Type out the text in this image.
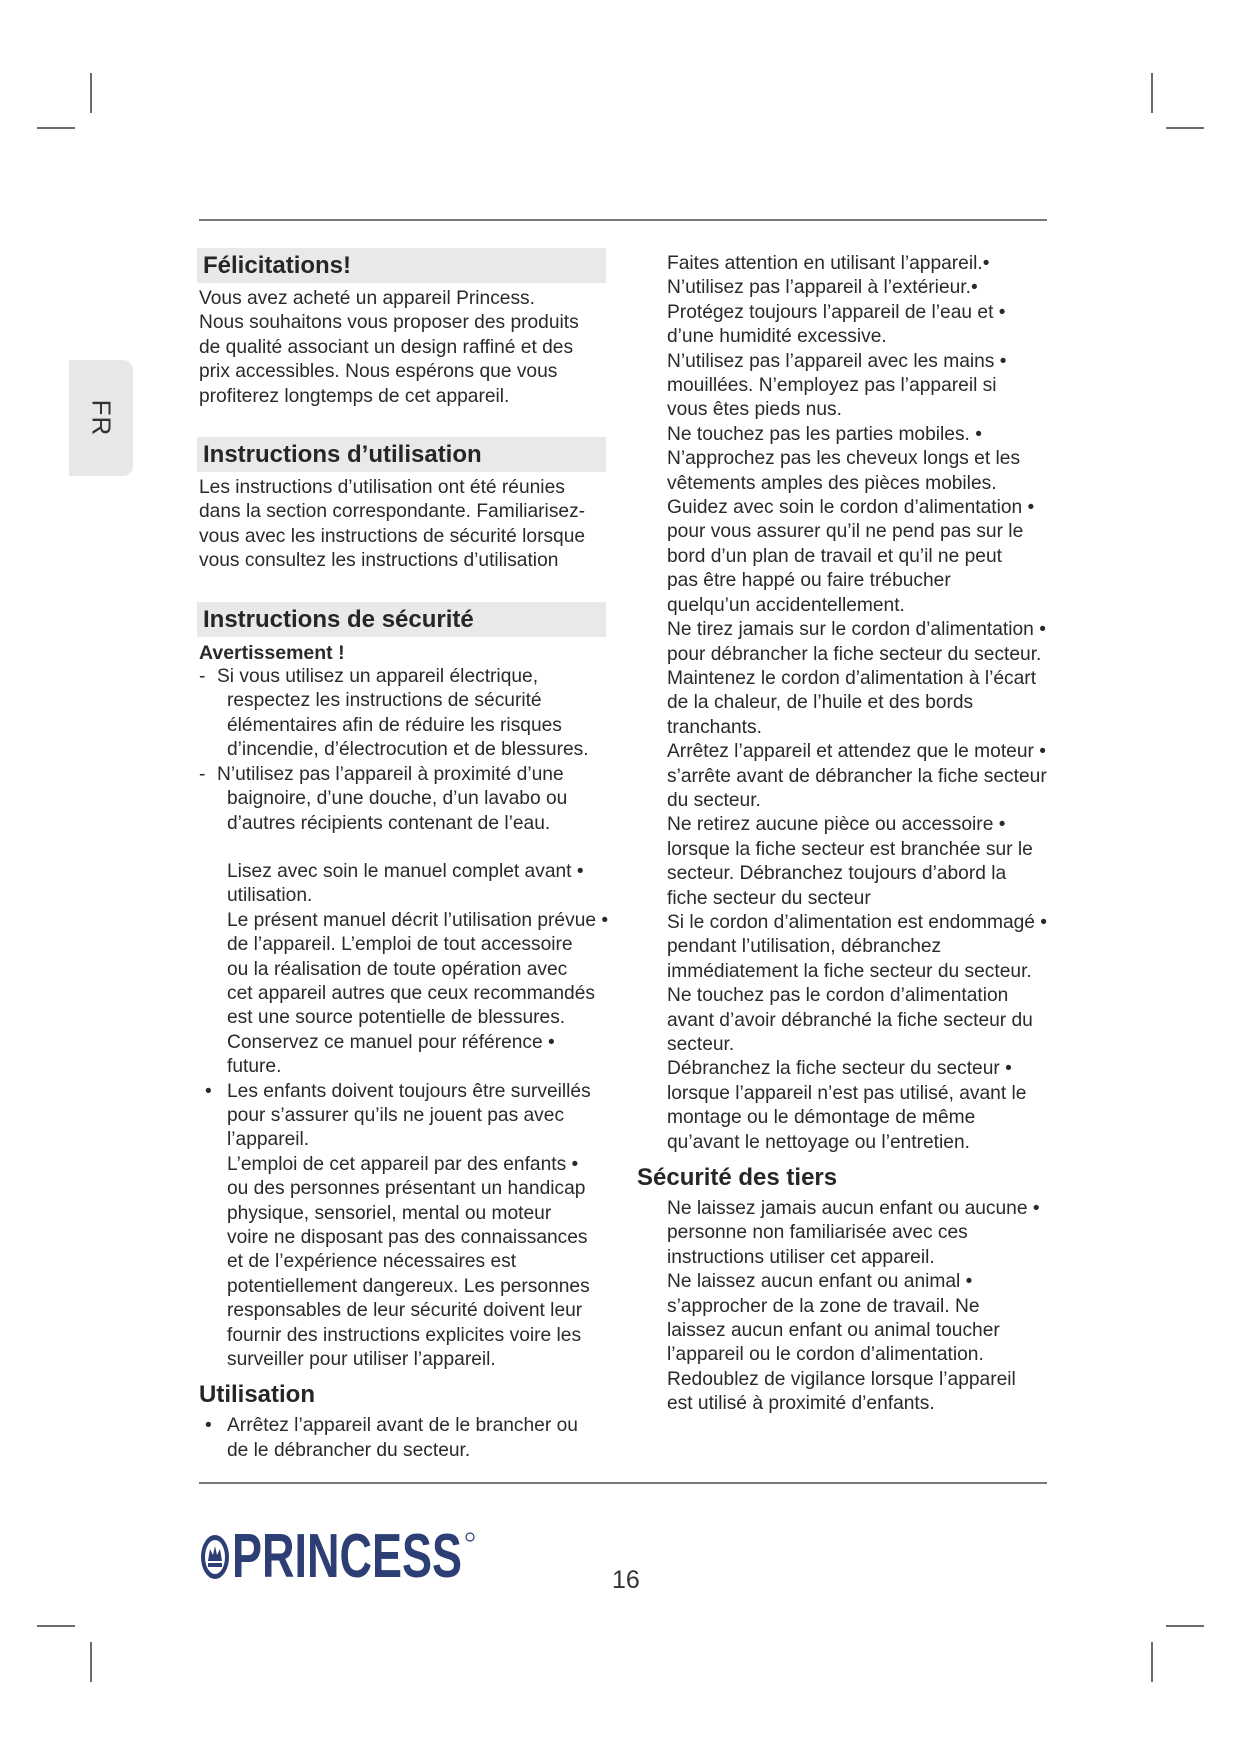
FR
Félicitations!
Vous avez acheté un appareil Princess.
Nous souhaitons vous proposer des produits
de qualité associant un design raffiné et des
prix accessibles. Nous espérons que vous
profiterez longtemps de cet appareil.
Instructions d’utilisation
Les instructions d’utilisation ont été réunies
dans la section correspondante. Familiarisez-
vous avec les instructions de sécurité lorsque
vous consultez les instructions d’utilisation
Instructions de sécurité
Avertissement !
- Si vous utilisez un appareil électrique,
respectez les instructions de sécurité
élémentaires afin de réduire les risques
d’incendie, d’électrocution et de blessures.
- N’utilisez pas l’appareil à proximité d’une
baignoire, d’une douche, d’un lavabo ou
d’autres récipients contenant de l’eau.
Lisez avec soin le manuel complet avant •
utilisation.
Le présent manuel décrit l’utilisation prévue •
de l’appareil. L’emploi de tout accessoire
ou la réalisation de toute opération avec
cet appareil autres que ceux recommandés
est une source potentielle de blessures.
Conservez ce manuel pour référence •
future.
• Les enfants doivent toujours être surveillés
pour s’assurer qu’ils ne jouent pas avec
l’appareil.
L’emploi de cet appareil par des enfants •
ou des personnes présentant un handicap
physique, sensoriel, mental ou moteur
voire ne disposant pas des connaissances
et de l’expérience nécessaires est
potentiellement dangereux. Les personnes
responsables de leur sécurité doivent leur
fournir des instructions explicites voire les
surveiller pour utiliser l’appareil.
Utilisation
• Arrêtez l’appareil avant de le brancher ou
de le débrancher du secteur.
Faites attention en utilisant l’appareil.•
N’utilisez pas l’appareil à l’extérieur.•
Protégez toujours l’appareil de l’eau et •
d’une humidité excessive.
N’utilisez pas l’appareil avec les mains •
mouillées. N’employez pas l’appareil si
vous êtes pieds nus.
Ne touchez pas les parties mobiles. •
N’approchez pas les cheveux longs et les
vêtements amples des pièces mobiles.
Guidez avec soin le cordon d’alimentation •
pour vous assurer qu’il ne pend pas sur le
bord d’un plan de travail et qu’il ne peut
pas être happé ou faire trébucher
quelqu’un accidentellement.
Ne tirez jamais sur le cordon d’alimentation •
pour débrancher la fiche secteur du secteur.
Maintenez le cordon d’alimentation à l’écart
de la chaleur, de l’huile et des bords
tranchants.
Arrêtez l’appareil et attendez que le moteur •
s’arrête avant de débrancher la fiche secteur
du secteur.
Ne retirez aucune pièce ou accessoire •
lorsque la fiche secteur est branchée sur le
secteur. Débranchez toujours d’abord la
fiche secteur du secteur
Si le cordon d’alimentation est endommagé •
pendant l’utilisation, débranchez
immédiatement la fiche secteur du secteur.
Ne touchez pas le cordon d’alimentation
avant d’avoir débranché la fiche secteur du
secteur.
Débranchez la fiche secteur du secteur •
lorsque l’appareil n’est pas utilisé, avant le
montage ou le démontage de même
qu’avant le nettoyage ou l’entretien.
Sécurité des tiers
Ne laissez jamais aucun enfant ou aucune •
personne non familiarisée avec ces
instructions utiliser cet appareil.
Ne laissez aucun enfant ou animal •
s’approcher de la zone de travail. Ne
laissez aucun enfant ou animal toucher
l’appareil ou le cordon d’alimentation.
Redoublez de vigilance lorsque l’appareil
est utilisé à proximité d’enfants.
PRINCESS	16
